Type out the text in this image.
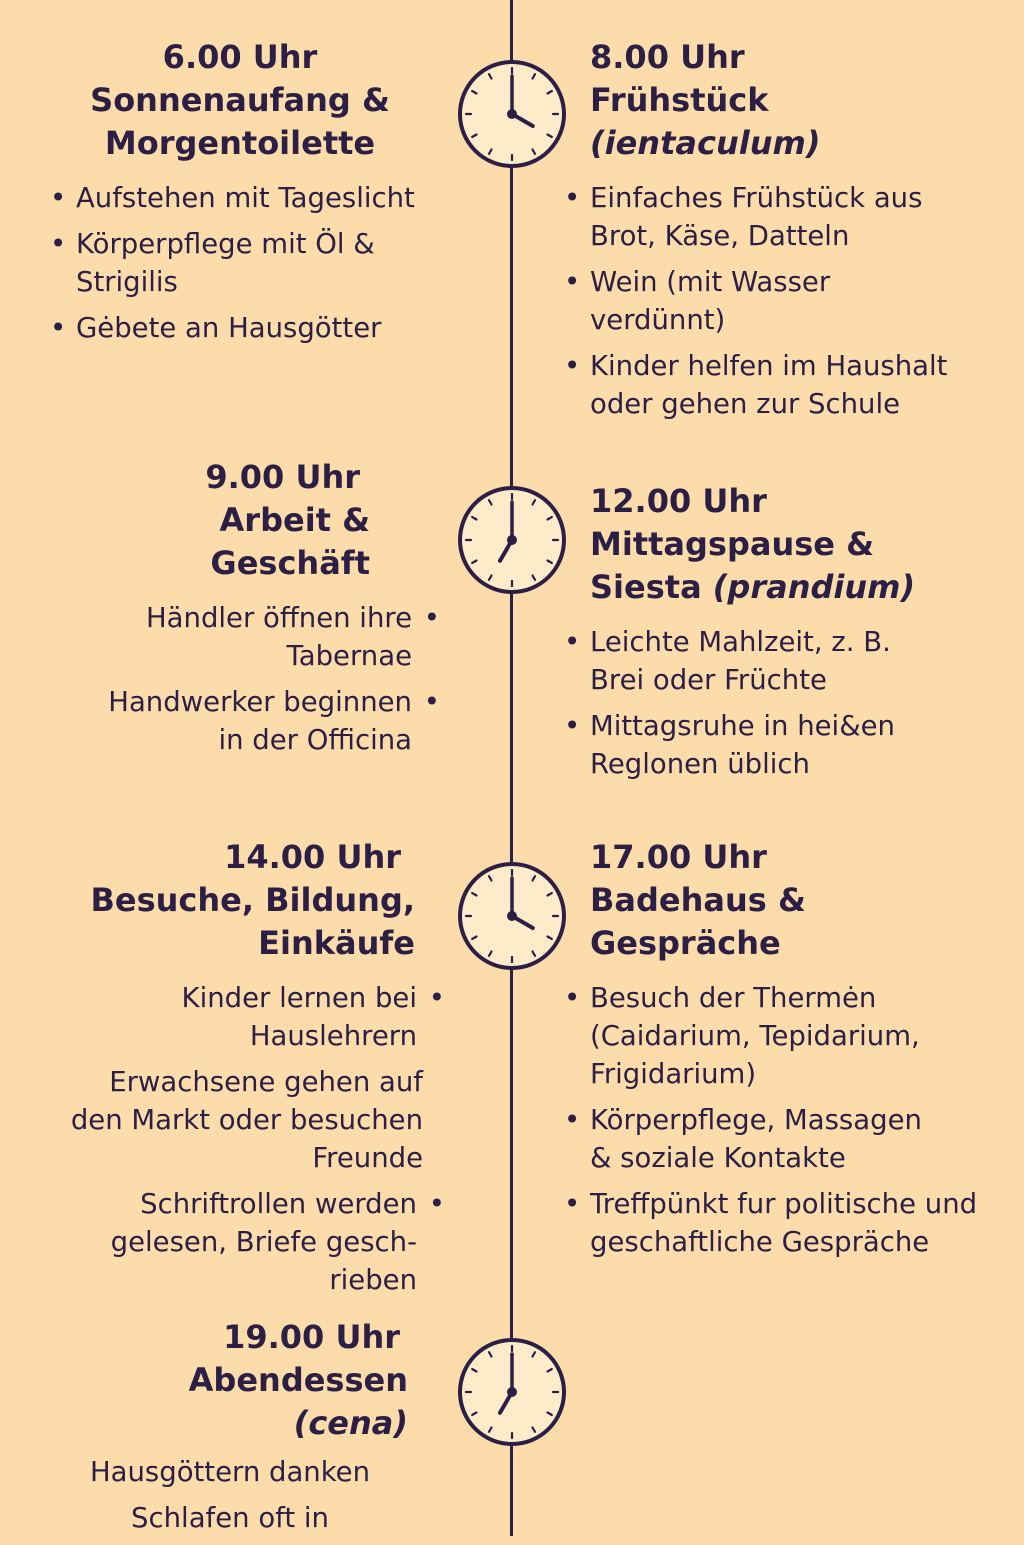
6.00 Uhr
Sonnenaufang &
Morgentoilette
• Aufstehen mit Tageslicht
• Körperpflege mit Öl & Strigilis
• Gėbete an Hausgötter
8.00 Uhr
Frühstück
(ientaculum)
• Einfaches Frühstück aus Brot, Käse, Datteln
• Wein (mit Wasser verdünnt)
• Kinder helfen im Haushalt oder gehen zur Schule
9.00 Uhr
Arbeit &
Geschäft
Händler öffnen ihre Tabernae •
Handwerker beginnen in der Officina •
12.00 Uhr
Mittagspause &
Siesta (prandium)
• Leichte Mahlzeit, z. B. Brei oder Früchte
• Mittagsruhe in hei&en Reglonen üblich
14.00 Uhr
Besuche, Bildung,
Einkäufe
Kinder lernen bei Hauslehrern •
Erwachsene gehen auf den Markt oder besuchen Freunde
Schriftrollen werden gelesen, Briefe gesch-rieben •
17.00 Uhr
Badehaus &
Gespräche
• Besuch der Thermėn (Caidarium, Tepidarium, Frigidarium)
• Körperpflege, Massagen & soziale Kontakte
• Treffpünkt fur politische und geschaftliche Gespräche
19.00 Uhr
Abendessen
(cena)
Hausgöttern danken
Schlafen oft in
